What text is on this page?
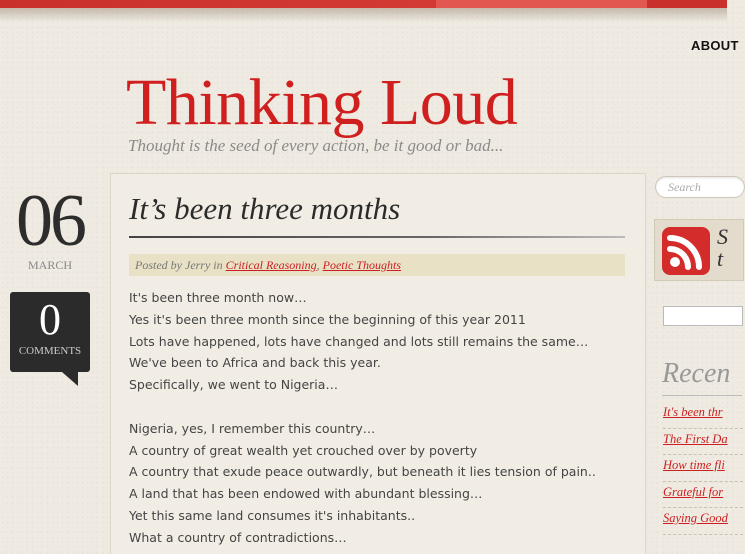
ABOUT
Thinking Loud
Thought is the seed of every action, be it good or bad...
06
MARCH
0
COMMENTS
It’s been three months
Posted by Jerry in Critical Reasoning, Poetic Thoughts

It's been three month now…

Yes it's been three month since the beginning of this year 2011

Lots have happened, lots have changed and lots still remains the same…

We've been to Africa and back this year.

Specifically, we went to Nigeria…

Nigeria, yes, I remember this country…

A country of great wealth yet crouched over by poverty

A country that exude peace outwardly, but beneath it lies tension of pain..

A land that has been endowed with abundant blessing…

Yet this same land consumes it's inhabitants..

What a country of contradictions…

Search
S
t
Recen
It's been thr
The First Da
How time fli
Grateful for
Saying Good
